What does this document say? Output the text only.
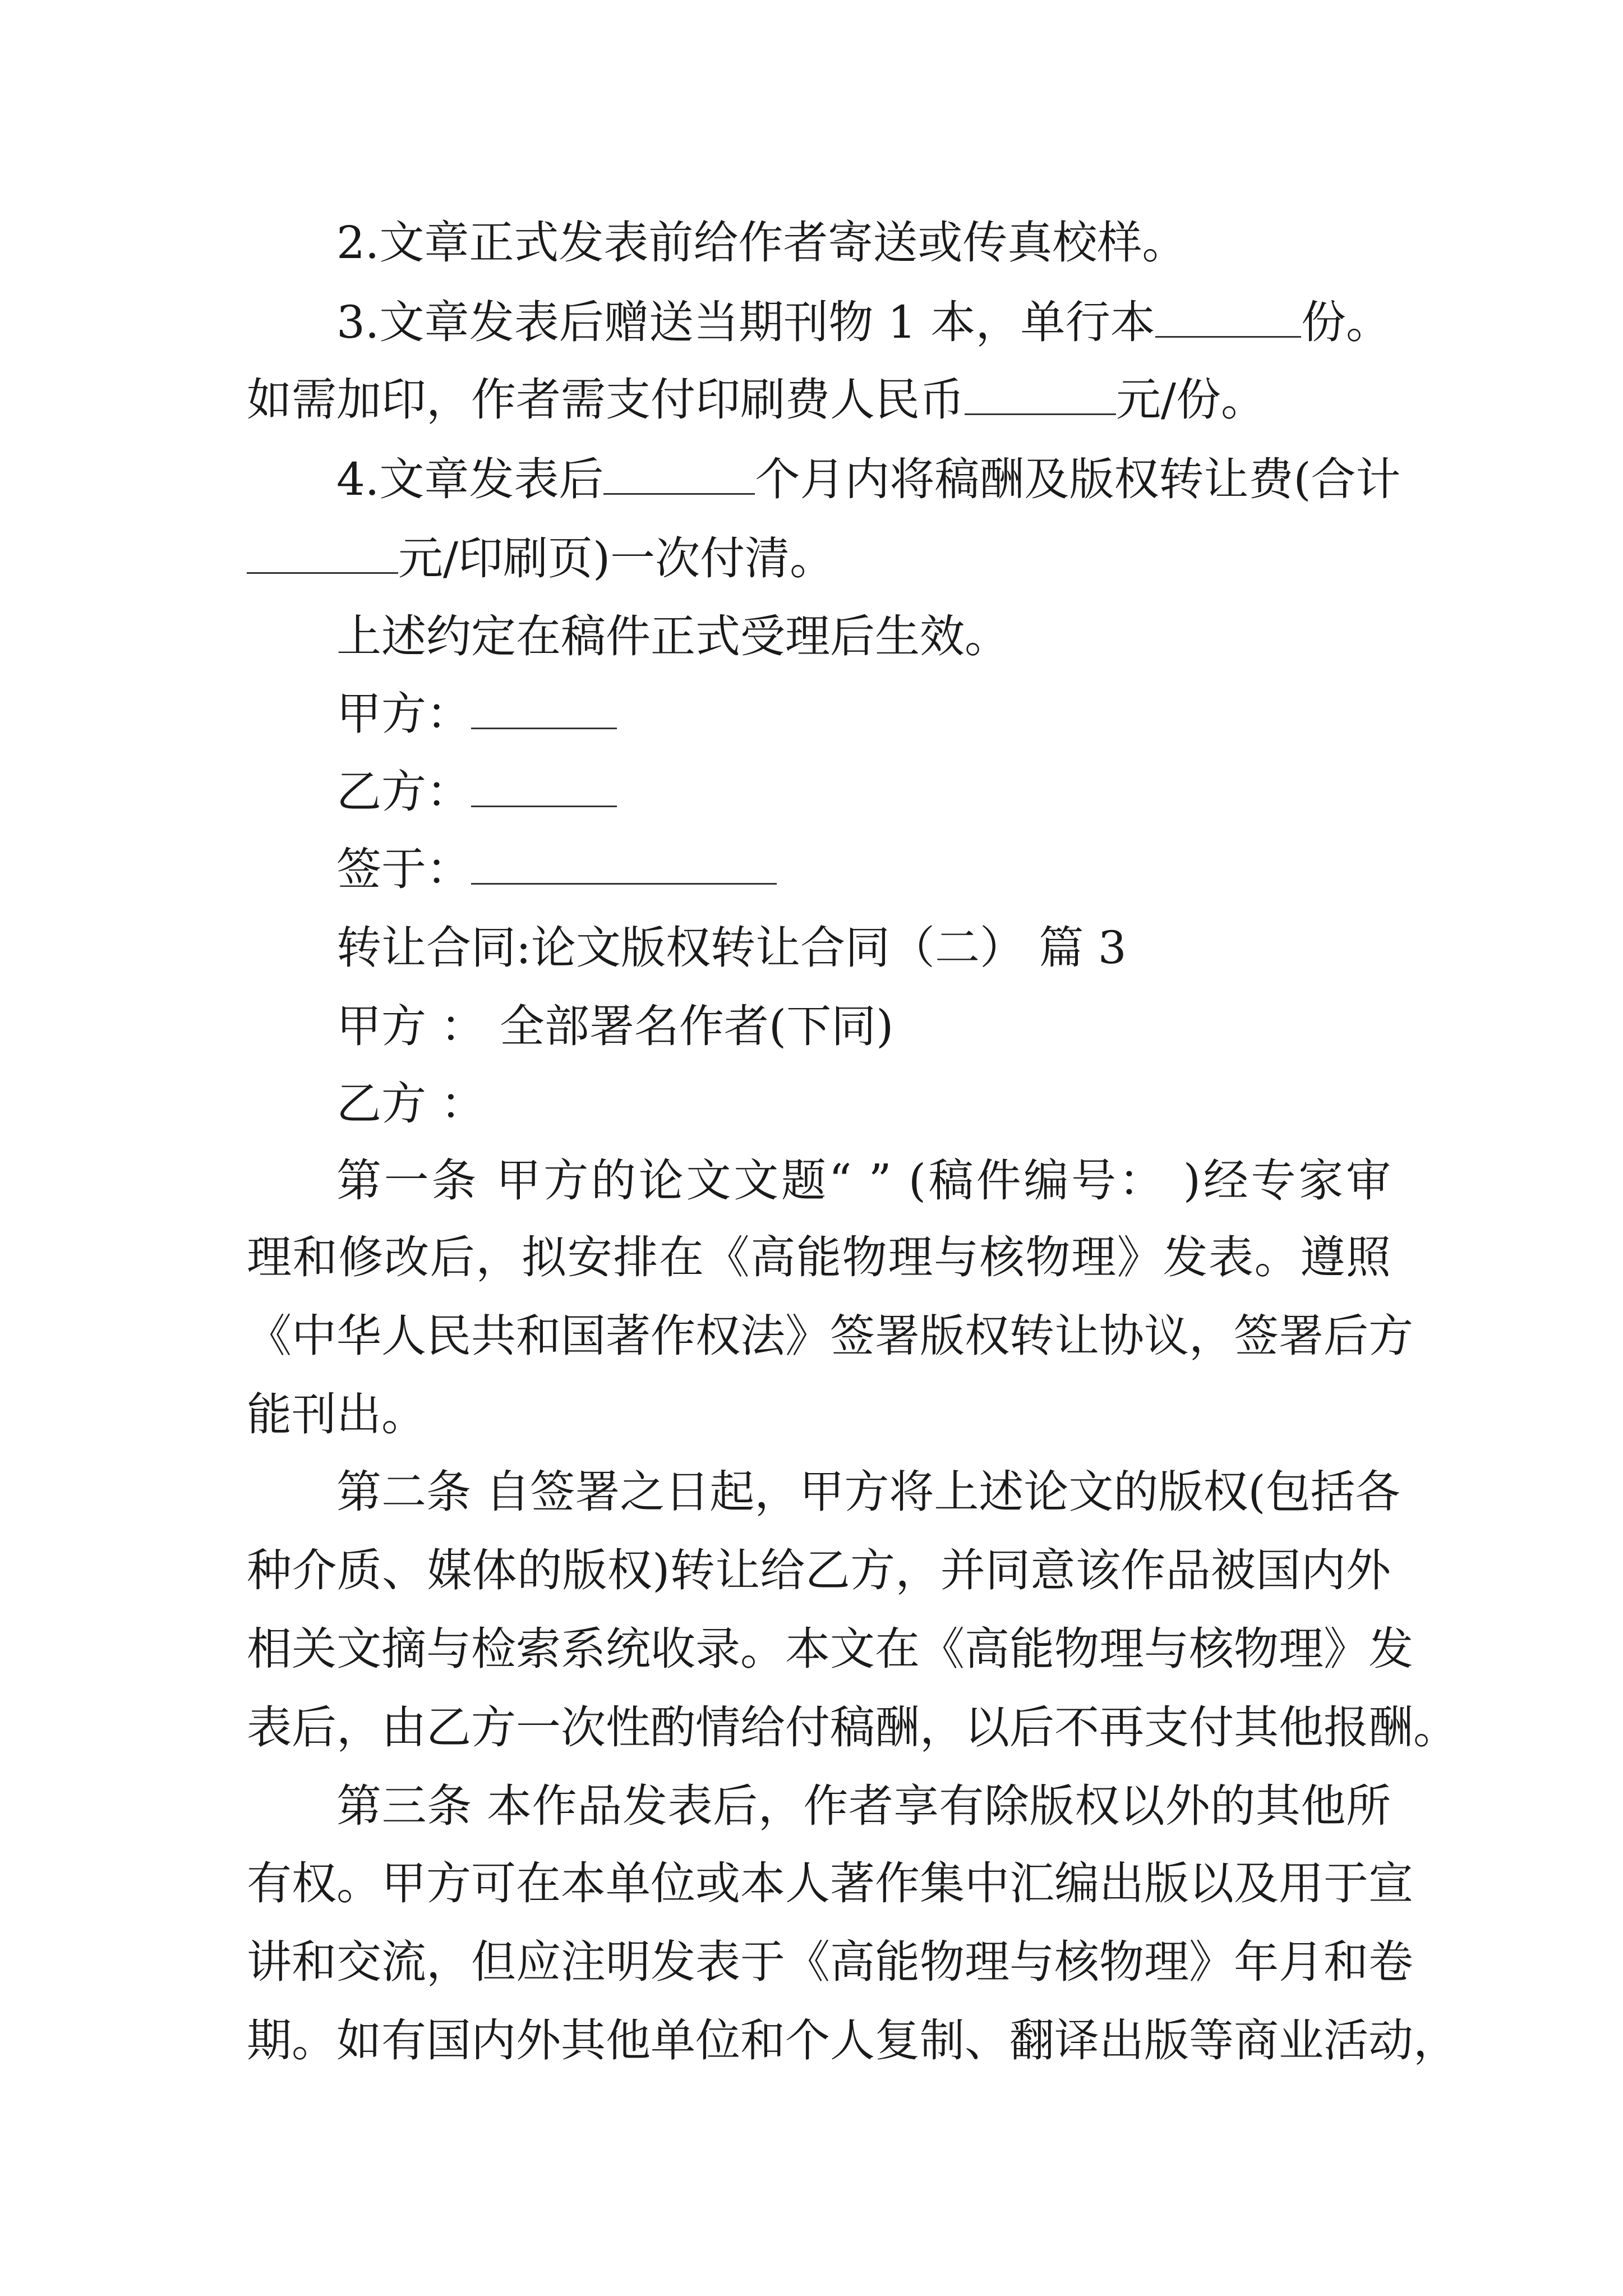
2.文章正式发表前给作者寄送或传真校样。
3.文章发表后赠送当期刊物 1 本，单行本	份。
如需加印，作者需支付印刷费人民币	元/份。
4.文章发表后	个月内将稿酬及版权转让费(合计
元/印刷页)一次付清。
上述约定在稿件正式受理后生效。
甲方：
乙方：
签于：
转让合同:论文版权转让合同（二） 篇 3
甲方 ： 全部署名作者(下同)
乙方 ：
第一条 甲方的论文文题“ ” (稿件编号： )经专家审
理和修改后，拟安排在《高能物理与核物理》发表。遵照
《中华人民共和国著作权法》签署版权转让协议，签署后方
能刊出。
第二条 自签署之日起，甲方将上述论文的版权(包括各
种介质、媒体的版权)转让给乙方，并同意该作品被国内外
相关文摘与检索系统收录。本文在《高能物理与核物理》发
表后，由乙方一次性酌情给付稿酬，以后不再支付其他报酬。
第三条 本作品发表后，作者享有除版权以外的其他所
有权。甲方可在本单位或本人著作集中汇编出版以及用于宣
讲和交流，但应注明发表于《高能物理与核物理》年月和卷
期。如有国内外其他单位和个人复制、翻译出版等商业活动，
